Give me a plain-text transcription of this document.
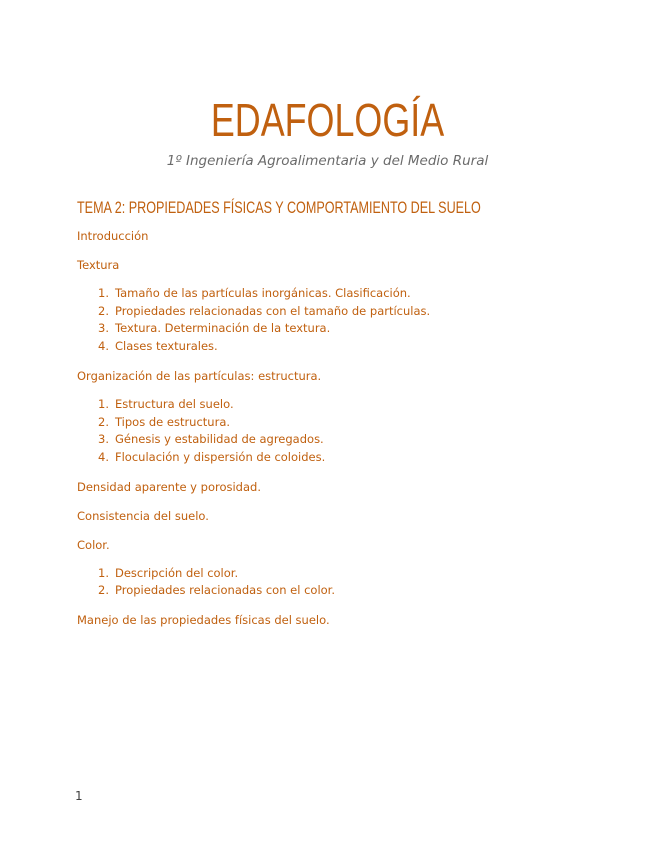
EDAFOLOGÍA
1º Ingeniería Agroalimentaria y del Medio Rural
TEMA 2: PROPIEDADES FÍSICAS Y COMPORTAMIENTO DEL SUELO
Introducción
Textura
1. Tamaño de las partículas inorgánicas. Clasificación.
2. Propiedades relacionadas con el tamaño de partículas.
3. Textura. Determinación de la textura.
4. Clases texturales.
Organización de las partículas: estructura.
1. Estructura del suelo.
2. Tipos de estructura.
3. Génesis y estabilidad de agregados.
4. Floculación y dispersión de coloides.
Densidad aparente y porosidad.
Consistencia del suelo.
Color.
1. Descripción del color.
2. Propiedades relacionadas con el color.
Manejo de las propiedades físicas del suelo.
1
